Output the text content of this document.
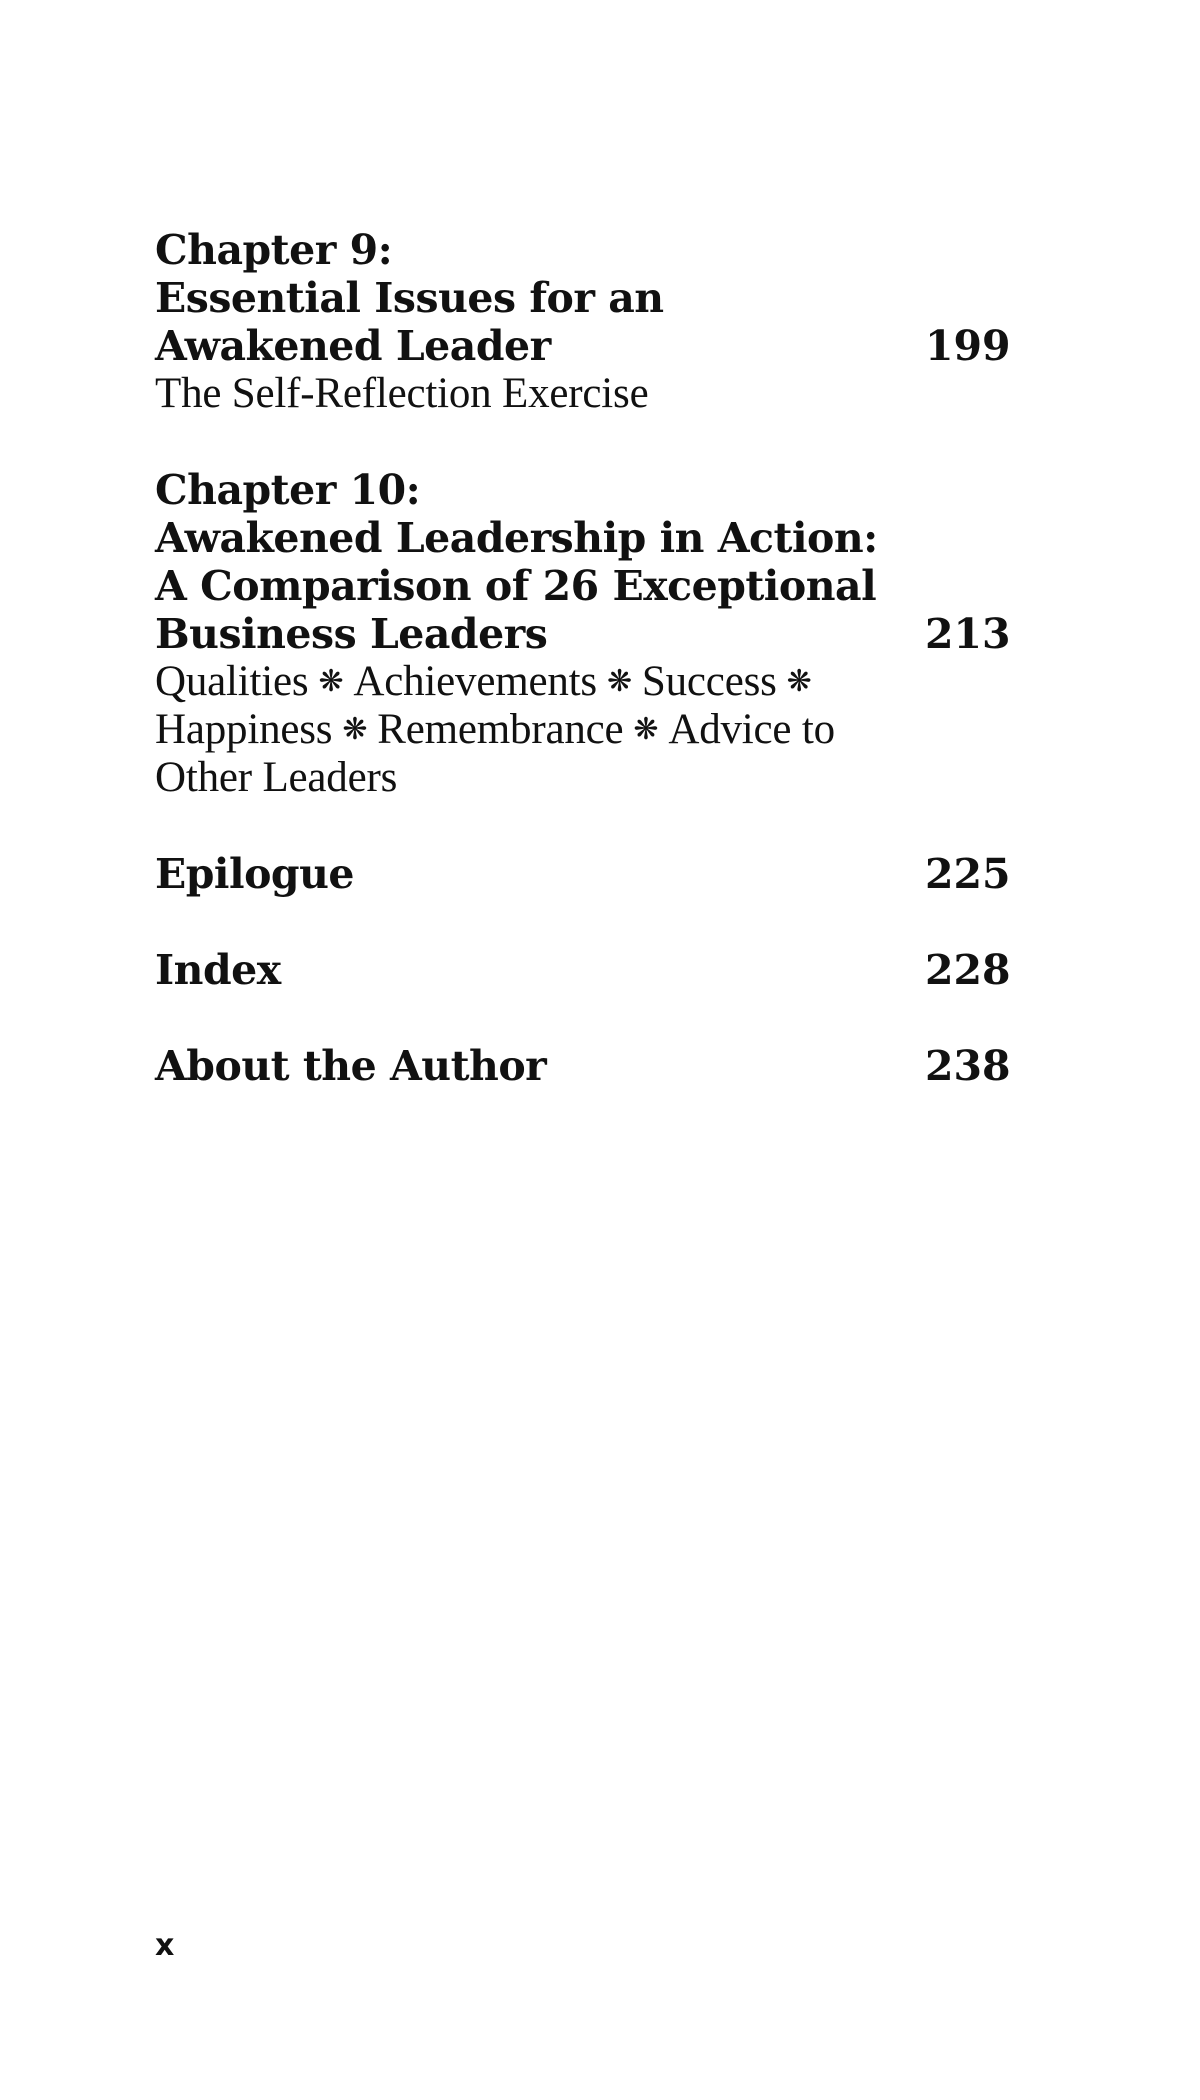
Chapter 9:
Essential Issues for an
Awakened Leader	199
The Self-Reflection Exercise
Chapter 10:
Awakened Leadership in Action:
A Comparison of 26 Exceptional
Business Leaders	213
Qualities ❋ Achievements ❋ Success ❋
Happiness ❋ Remembrance ❋ Advice to
Other Leaders
Epilogue	225
Index	228
About the Author	238
x
